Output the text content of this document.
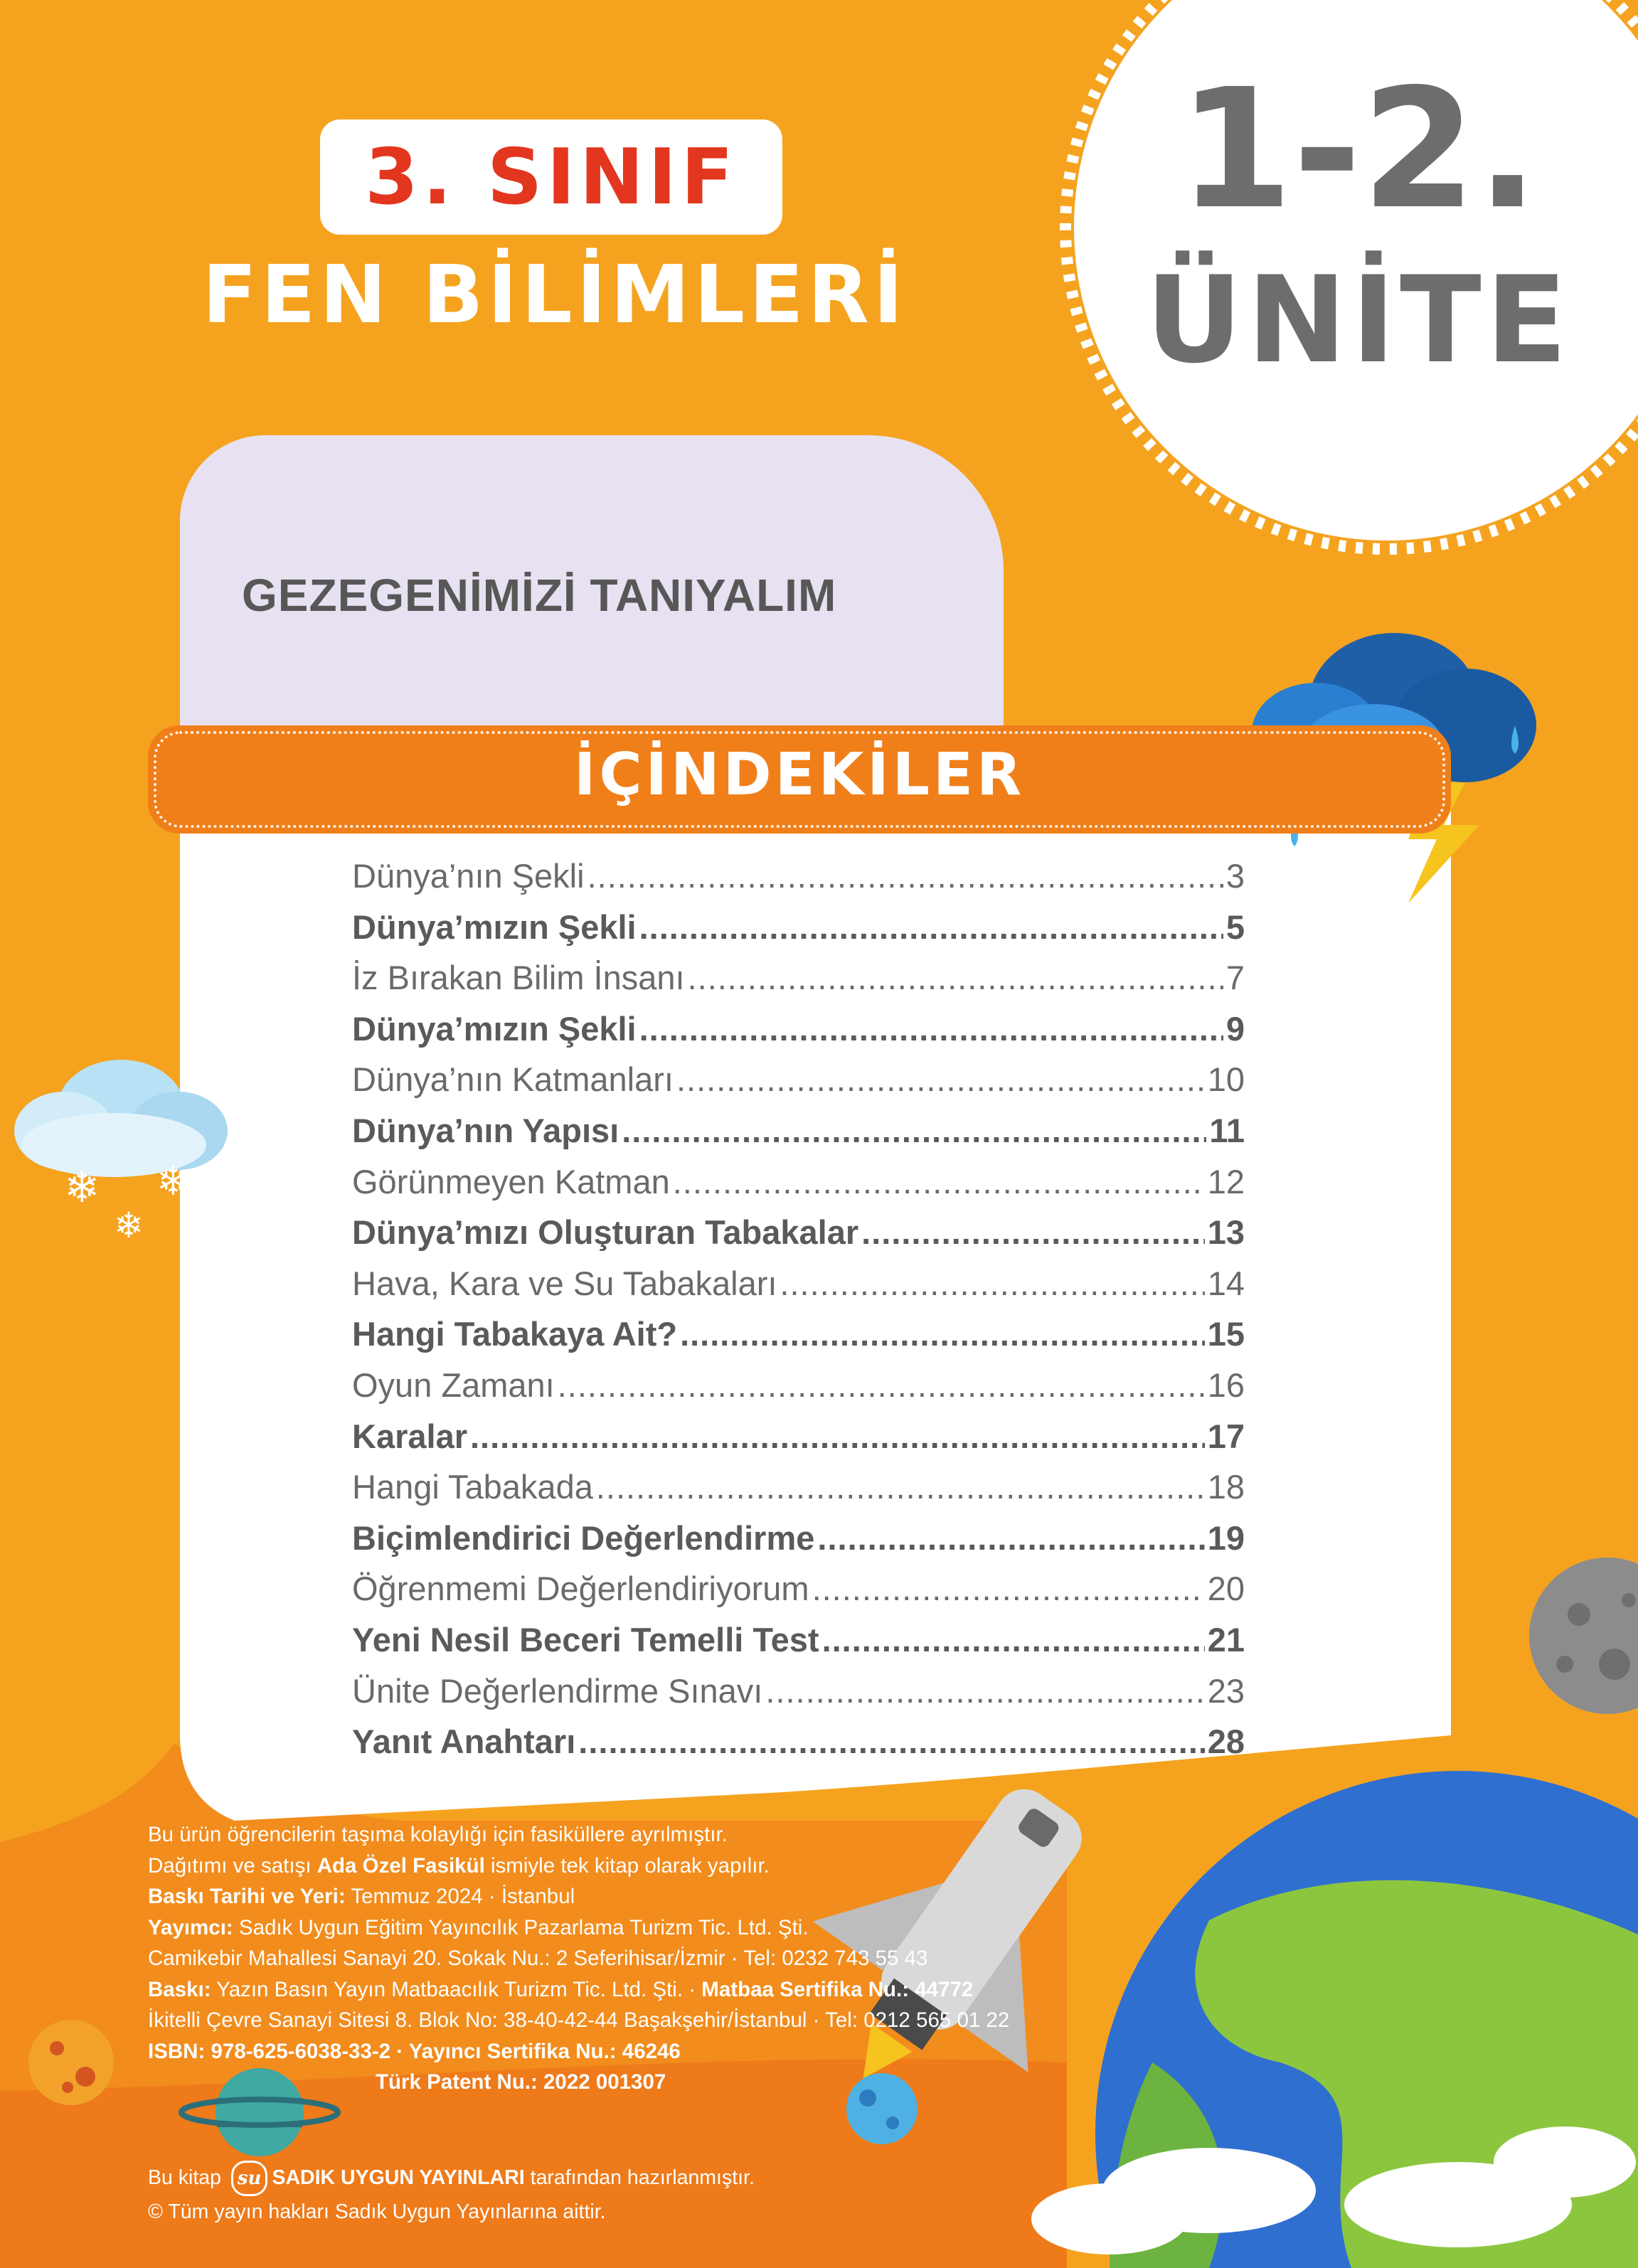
❄ ❄
❄
3. SINIF
FEN BİLİMLERİ
1-2.
ÜNİTE
GEZEGENİMİZİ TANIYALIM
İÇİNDEKİLER
Dünya’nın Şekli .....	3
Dünya’mızın Şekli .....	5
İz Bırakan Bilim İnsanı .....	7
Dünya’mızın Şekli .....	9
Dünya’nın Katmanları .....	10
Dünya’nın Yapısı .....	11
Görünmeyen Katman .....	12
Dünya’mızı Oluşturan Tabakalar .....	13
Hava, Kara ve Su Tabakaları .....	14
Hangi Tabakaya Ait? .....	15
Oyun Zamanı .....	16
Karalar .....	17
Hangi Tabakada .....	18
Biçimlendirici Değerlendirme .....	19
Öğrenmemi Değerlendiriyorum .....	20
Yeni Nesil Beceri Temelli Test .....	21
Ünite Değerlendirme Sınavı .....	23
Yanıt Anahtarı .....	28
Bu ürün öğrencilerin taşıma kolaylığı için fasiküllere ayrılmıştır.
Dağıtımı ve satışı Ada Özel Fasikül ismiyle tek kitap olarak yapılır.
Baskı Tarihi ve Yeri: Temmuz 2024 · İstanbul
Yayımcı: Sadık Uygun Eğitim Yayıncılık Pazarlama Turizm Tic. Ltd. Şti.
Camikebir Mahallesi Sanayi 20. Sokak Nu.: 2 Seferihisar/İzmir · Tel: 0232 743 55 43
Baskı: Yazın Basın Yayın Matbaacılık Turizm Tic. Ltd. Şti. · Matbaa Sertifika Nu.: 44772
İkitelli Çevre Sanayi Sitesi 8. Blok No: 38-40-42-44 Başakşehir/İstanbul · Tel: 0212 565 01 22
ISBN: 978-625-6038-33-2 · Yayıncı Sertifika Nu.: 46246
Türk Patent Nu.: 2022 001307
Bu kitap su SADIK UYGUN YAYINLARI tarafından hazırlanmıştır.
© Tüm yayın hakları Sadık Uygun Yayınlarına aittir.
